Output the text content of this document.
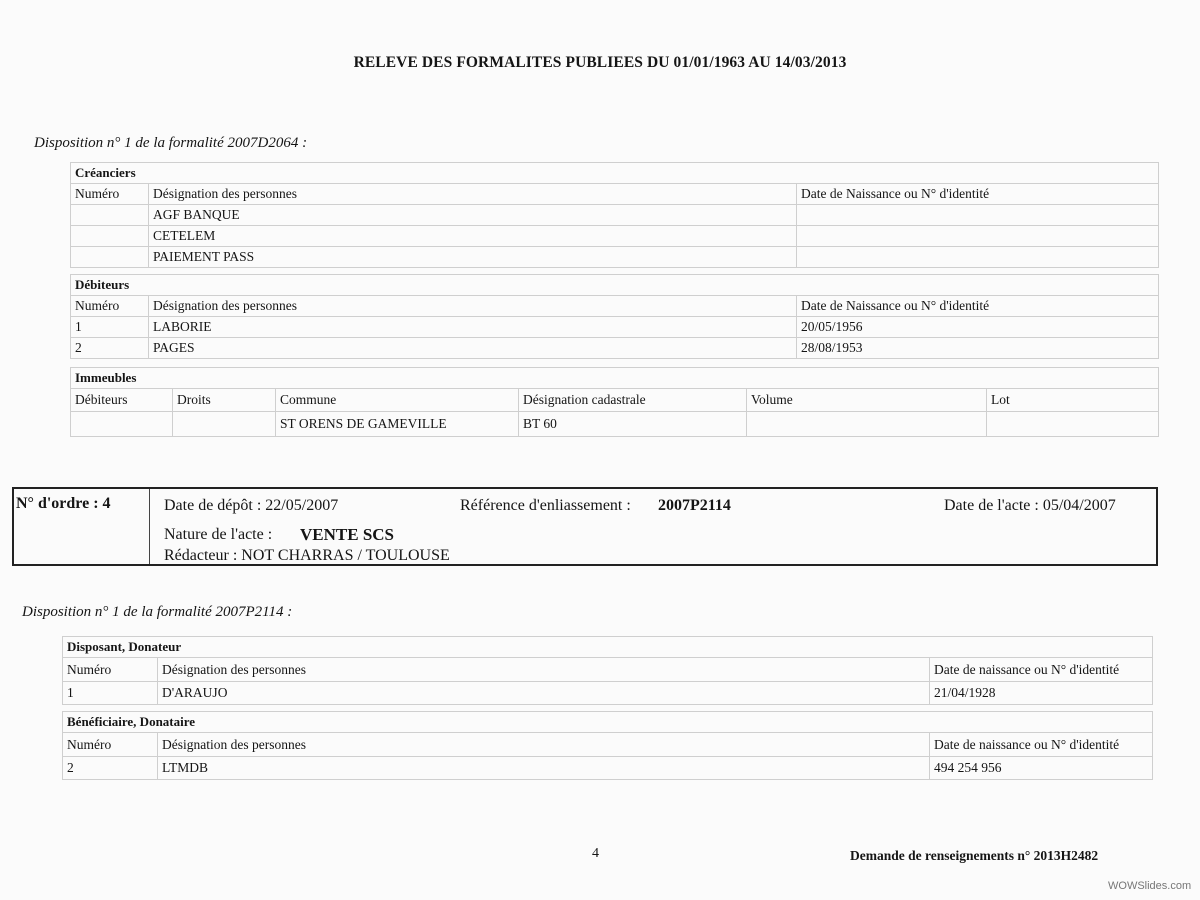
RELEVE DES FORMALITES PUBLIEES DU 01/01/1963 AU 14/03/2013
Disposition n° 1 de la formalité 2007D2064 :
Créanciers		
Numéro	Désignation des personnes	Date de Naissance ou N° d'identité
	AGF BANQUE	
	CETELEM	
	PAIEMENT PASS	

Débiteurs		
Numéro	Désignation des personnes	Date de Naissance ou N° d'identité
1	LABORIE	20/05/1956
2	PAGES	28/08/1953
Immeubles					
Débiteurs	Droits	Commune	Désignation cadastrale	Volume	Lot
		ST ORENS DE GAMEVILLE	BT 60		
N° d'ordre : 4	Date de dépôt : 22/05/2007	Référence d'enliassement : 2007P2114	Date de l'acte : 05/04/2007
Nature de l'acte : VENTE SCS
Rédacteur : NOT CHARRAS / TOULOUSE
Disposition n° 1 de la formalité 2007P2114 :
Disposant, Donateur		
Numéro	Désignation des personnes	Date de naissance ou N° d'identité
1	D'ARAUJO	21/04/1928

Bénéficiaire, Donataire		
Numéro	Désignation des personnes	Date de naissance ou N° d'identité
2	LTMDB	494 254 956
4	Demande de renseignements n° 2013H2482
WOWSlides.com
